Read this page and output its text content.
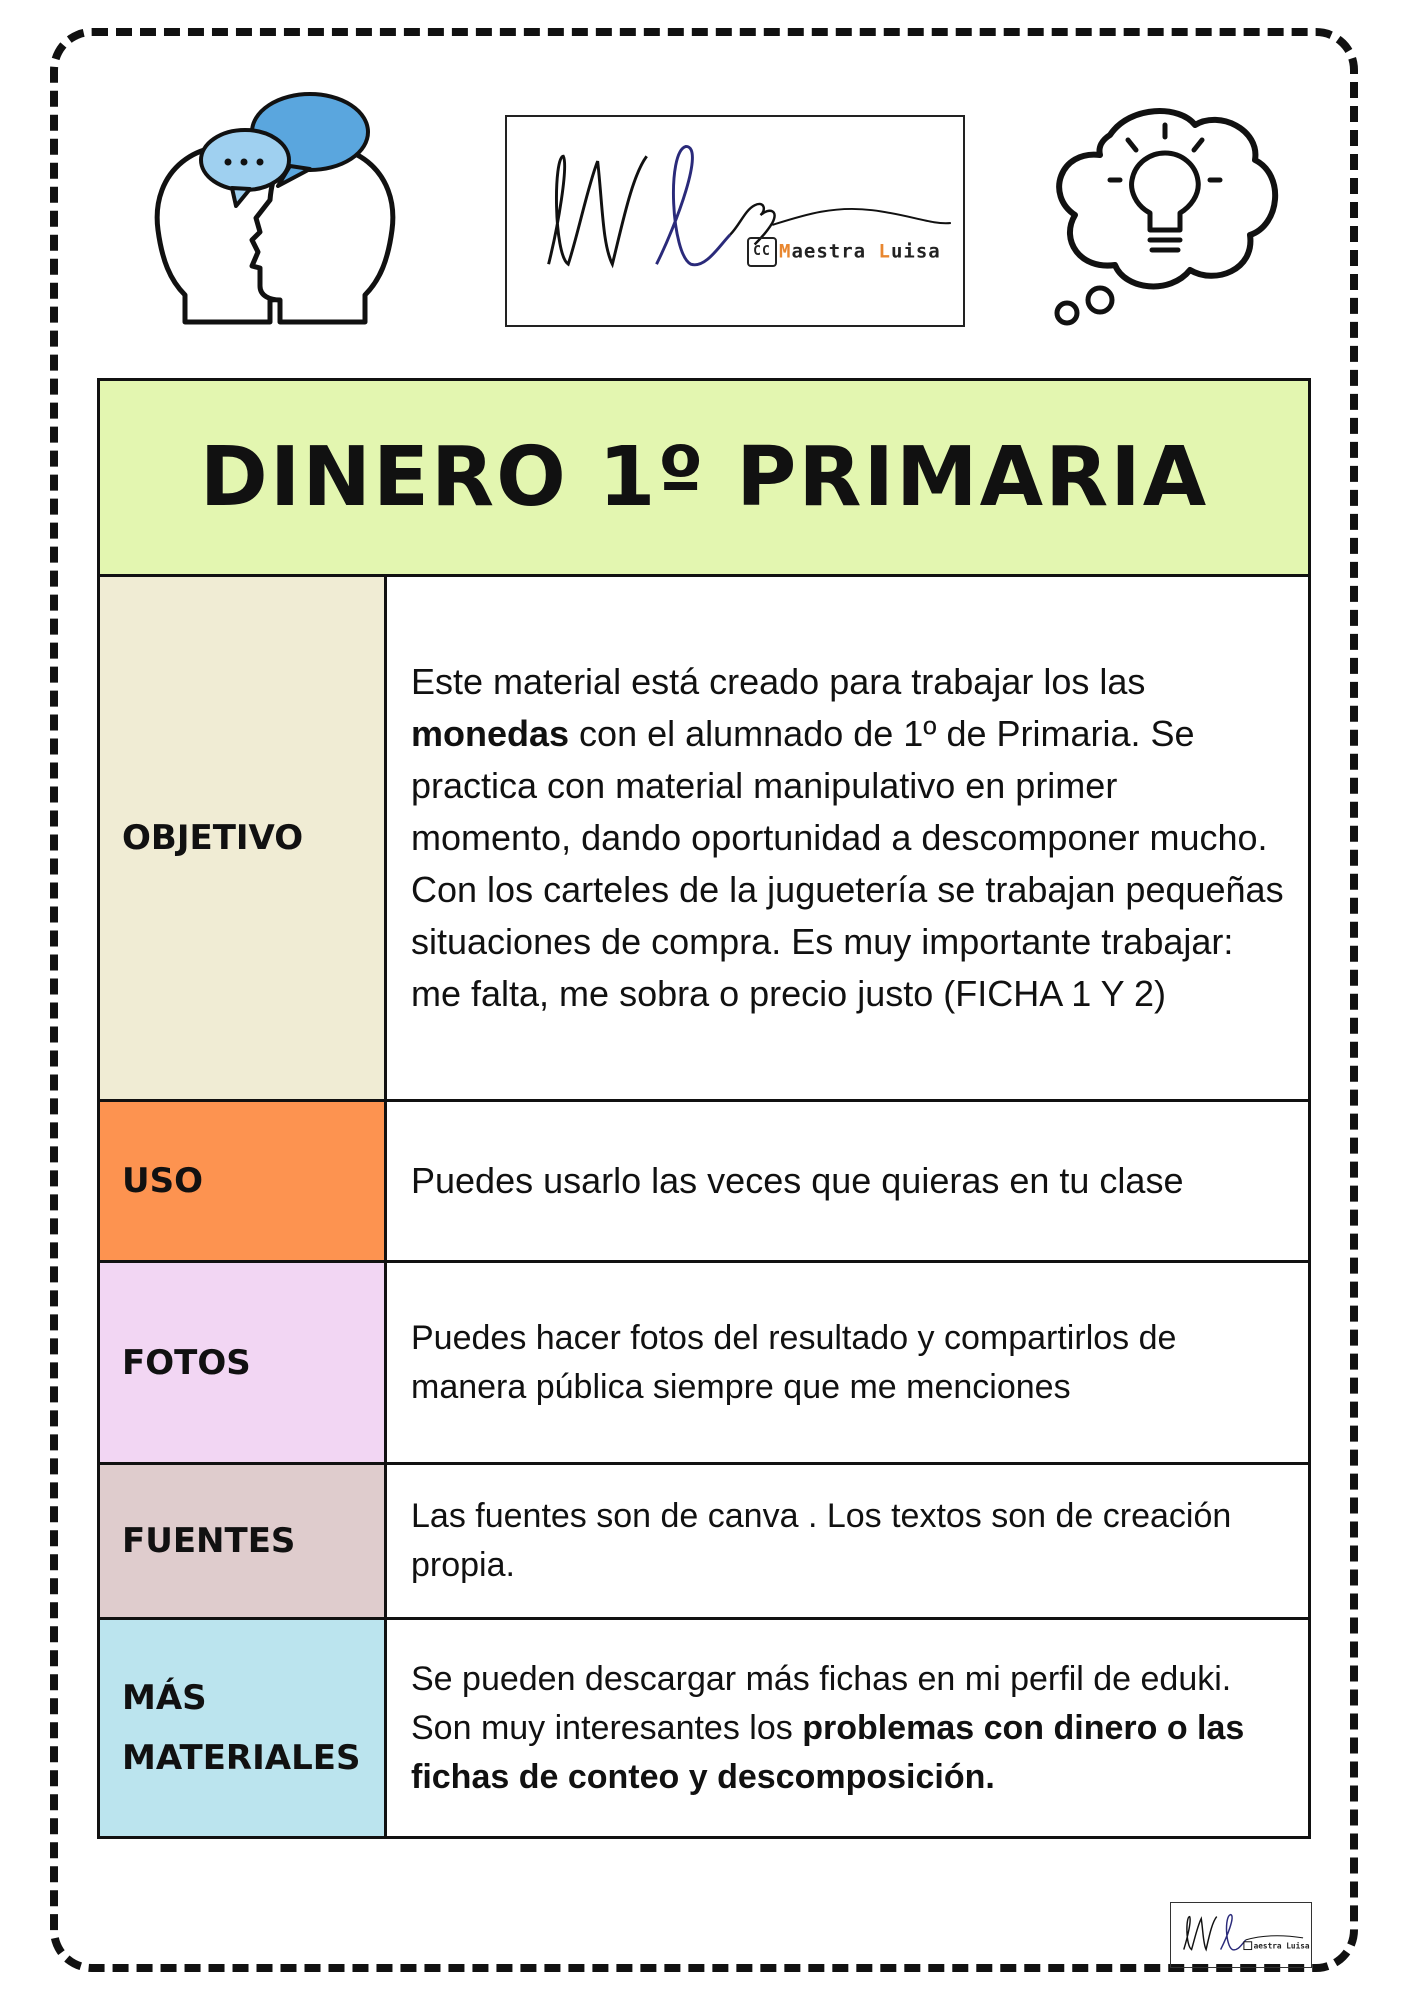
CC Maestra Luisa
DINERO 1º PRIMARIA
OBJETIVO
Este material está creado para trabajar los las monedas con el alumnado de 1º de Primaria. Se practica con material manipulativo en primer momento, dando oportunidad a descomponer mucho. Con los carteles de la juguetería se trabajan pequeñas situaciones de compra. Es muy importante trabajar: me falta, me sobra o precio justo (FICHA 1 Y 2)
USO	Puedes usarlo las veces que quieras en tu clase
FOTOS
Puedes hacer fotos del resultado y compartirlos de manera pública siempre que me menciones
FUENTES
Las fuentes son de canva . Los textos son de creación propia.
MÁS
MATERIALES
Se pueden descargar más fichas en mi perfil de eduki. Son muy interesantes los problemas con dinero o las fichas de conteo y descomposición.
aestra Luisa
